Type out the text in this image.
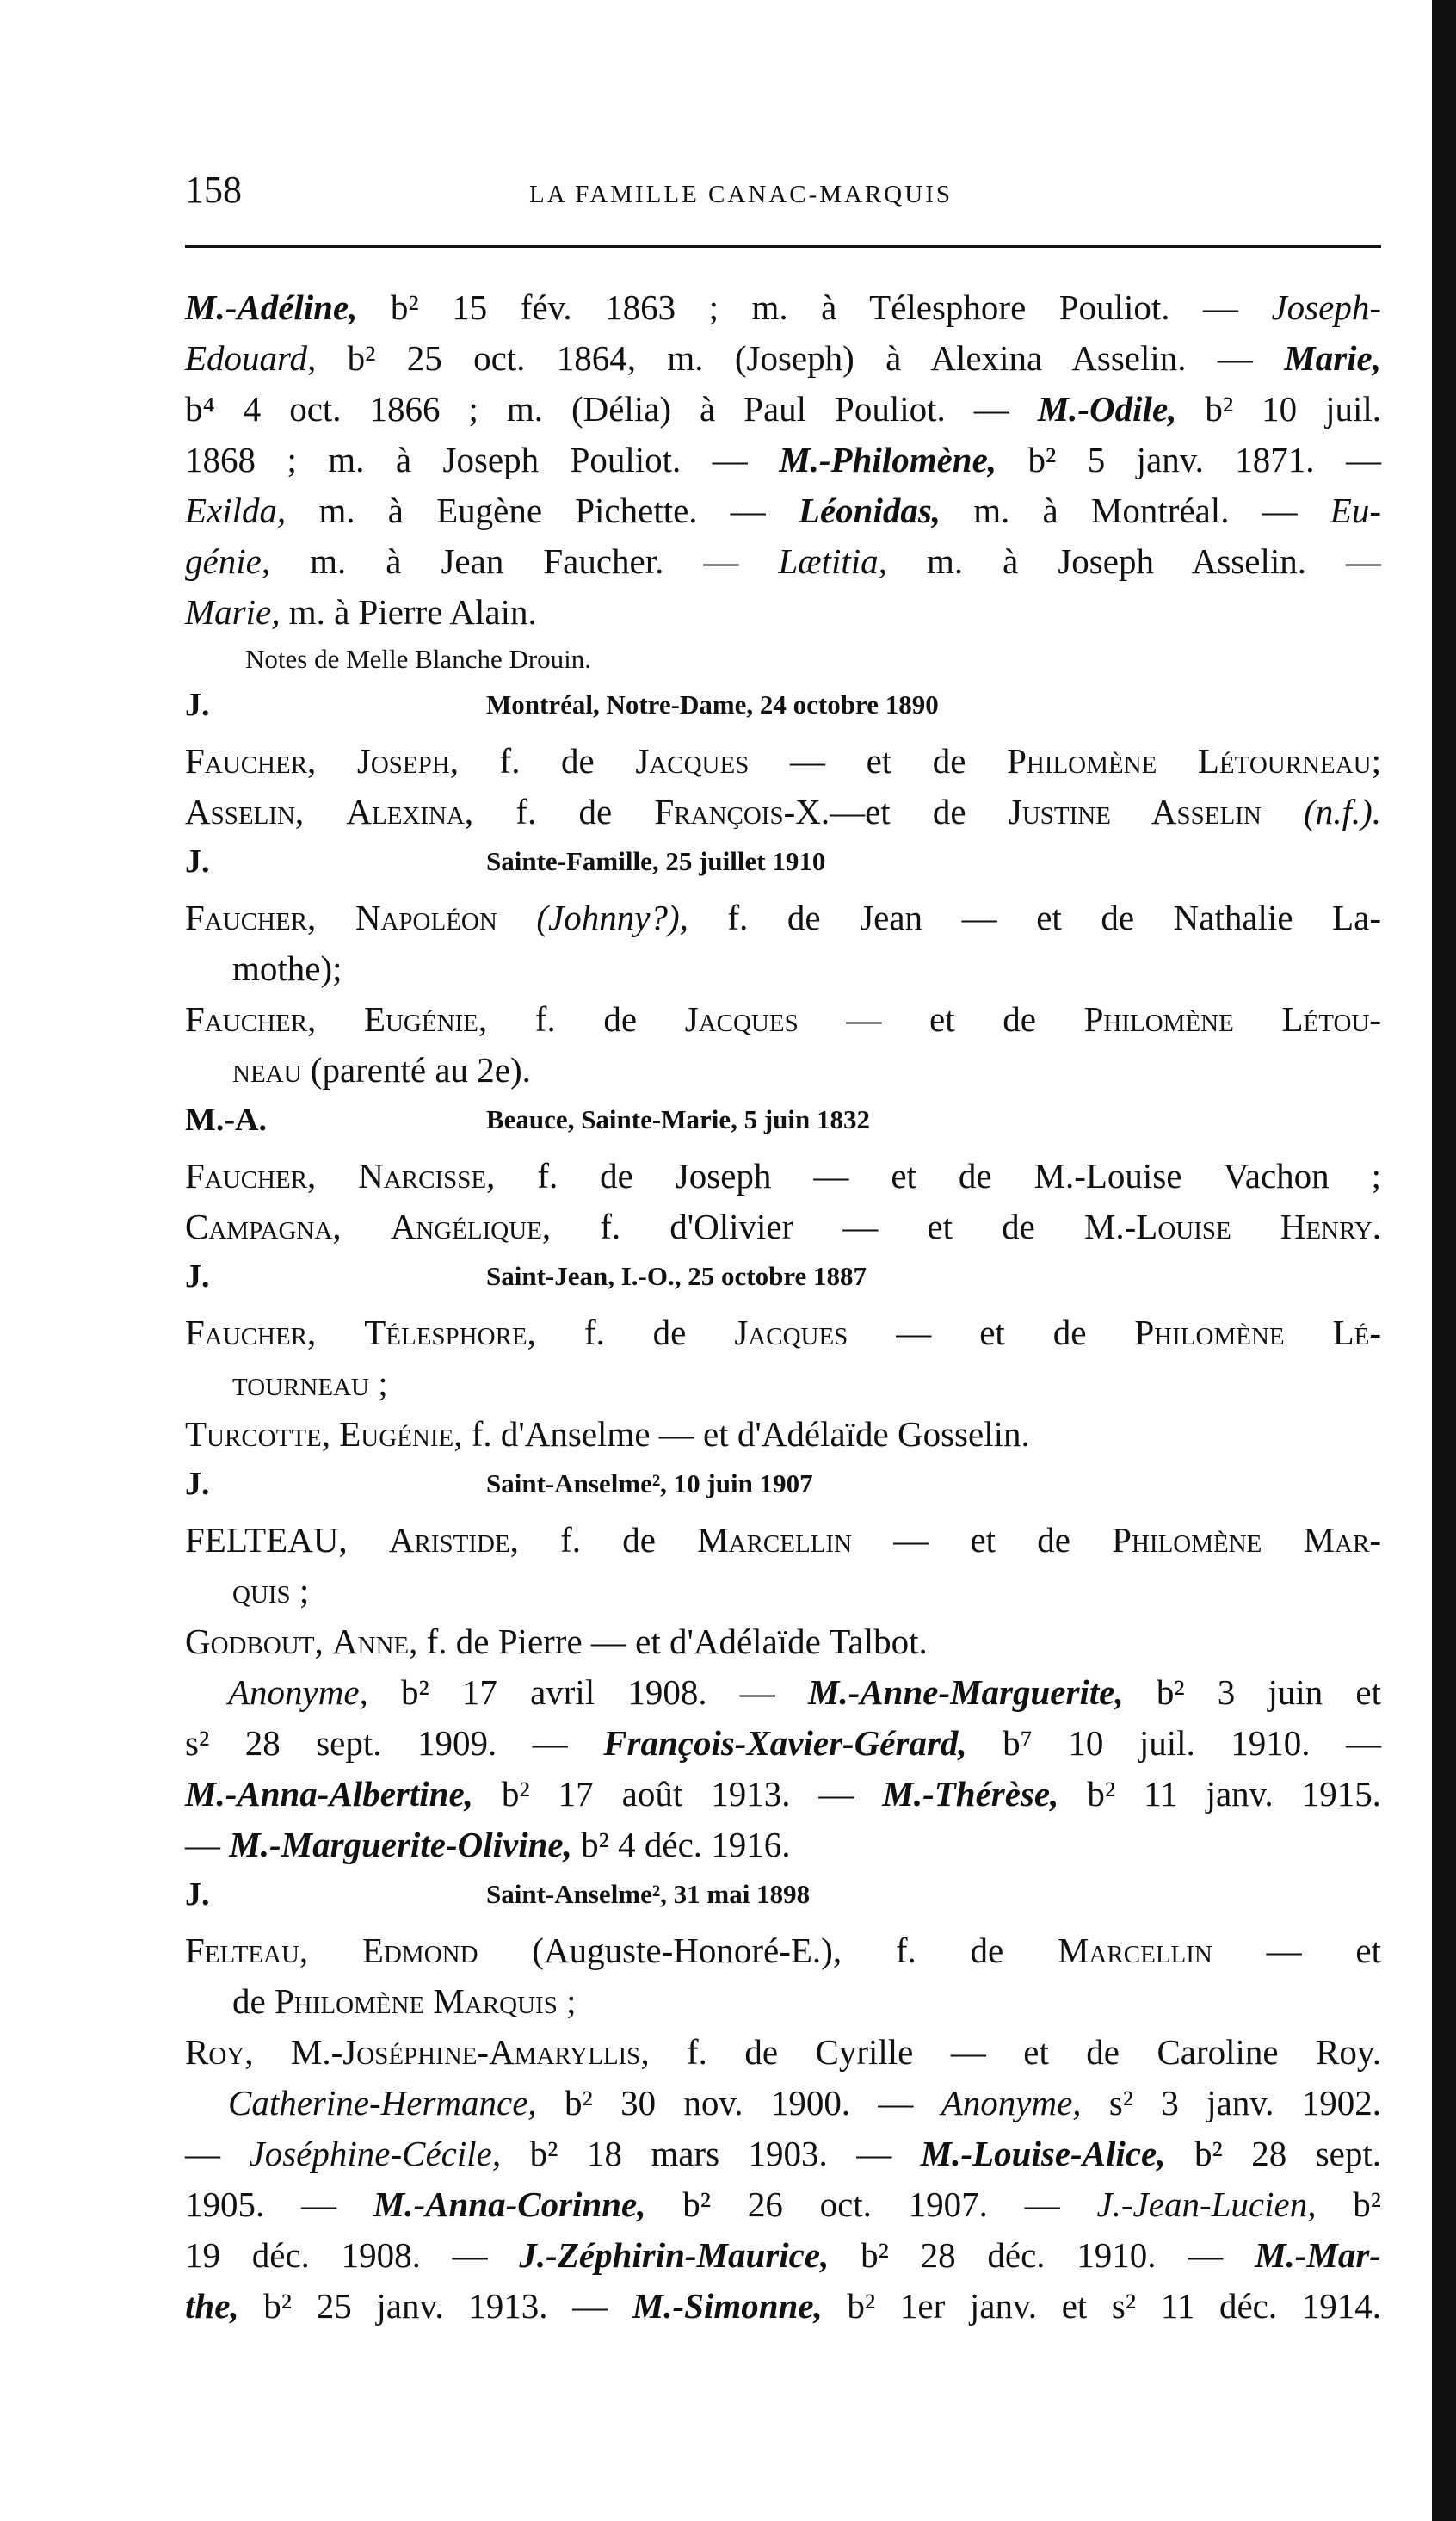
158	LA FAMILLE CANAC-MARQUIS
M.-Adéline, b² 15 fév. 1863 ; m. à Télesphore Pouliot. — Joseph-
Edouard, b² 25 oct. 1864, m. (Joseph) à Alexina Asselin. — Marie,
b⁴ 4 oct. 1866 ; m. (Délia) à Paul Pouliot. — M.-Odile, b² 10 juil.
1868 ; m. à Joseph Pouliot. — M.-Philomène, b² 5 janv. 1871. —
Exilda, m. à Eugène Pichette. — Léonidas, m. à Montréal. — Eu-
génie, m. à Jean Faucher. — Lætitia, m. à Joseph Asselin. —
Marie, m. à Pierre Alain.
Notes de Melle Blanche Drouin.
J.	Montréal, Notre-Dame, 24 octobre 1890
Faucher, Joseph, f. de Jacques — et de Philomène Létourneau;
Asselin, Alexina, f. de François-X.—et de Justine Asselin (n.f.).
J.	Sainte-Famille, 25 juillet 1910
Faucher, Napoléon (Johnny?), f. de Jean — et de Nathalie La-
mothe);
Faucher, Eugénie, f. de Jacques — et de Philomène Létou-
neau (parenté au 2e).
M.-A.	Beauce, Sainte-Marie, 5 juin 1832
Faucher, Narcisse, f. de Joseph — et de M.-Louise Vachon ;
Campagna, Angélique, f. d'Olivier — et de M.-Louise Henry.
J.	Saint-Jean, I.-O., 25 octobre 1887
Faucher, Télesphore, f. de Jacques — et de Philomène Lé-
tourneau ;
Turcotte, Eugénie, f. d'Anselme — et d'Adélaïde Gosselin.
J.	Saint-Anselme², 10 juin 1907
FELTEAU, Aristide, f. de Marcellin — et de Philomène Mar-
quis ;
Godbout, Anne, f. de Pierre — et d'Adélaïde Talbot.
Anonyme, b² 17 avril 1908. — M.-Anne-Marguerite, b² 3 juin et
s² 28 sept. 1909. — François-Xavier-Gérard, b⁷ 10 juil. 1910. —
M.-Anna-Albertine, b² 17 août 1913. — M.-Thérèse, b² 11 janv. 1915.
— M.-Marguerite-Olivine, b² 4 déc. 1916.
J.	Saint-Anselme², 31 mai 1898
Felteau, Edmond (Auguste-Honoré-E.), f. de Marcellin — et
de Philomène Marquis ;
Roy, M.-Joséphine-Amaryllis, f. de Cyrille — et de Caroline Roy.
Catherine-Hermance, b² 30 nov. 1900. — Anonyme, s² 3 janv. 1902.
— Joséphine-Cécile, b² 18 mars 1903. — M.-Louise-Alice, b² 28 sept.
1905. — M.-Anna-Corinne, b² 26 oct. 1907. — J.-Jean-Lucien, b²
19 déc. 1908. — J.-Zéphirin-Maurice, b² 28 déc. 1910. — M.-Mar-
the, b² 25 janv. 1913. — M.-Simonne, b² 1er janv. et s² 11 déc. 1914.
